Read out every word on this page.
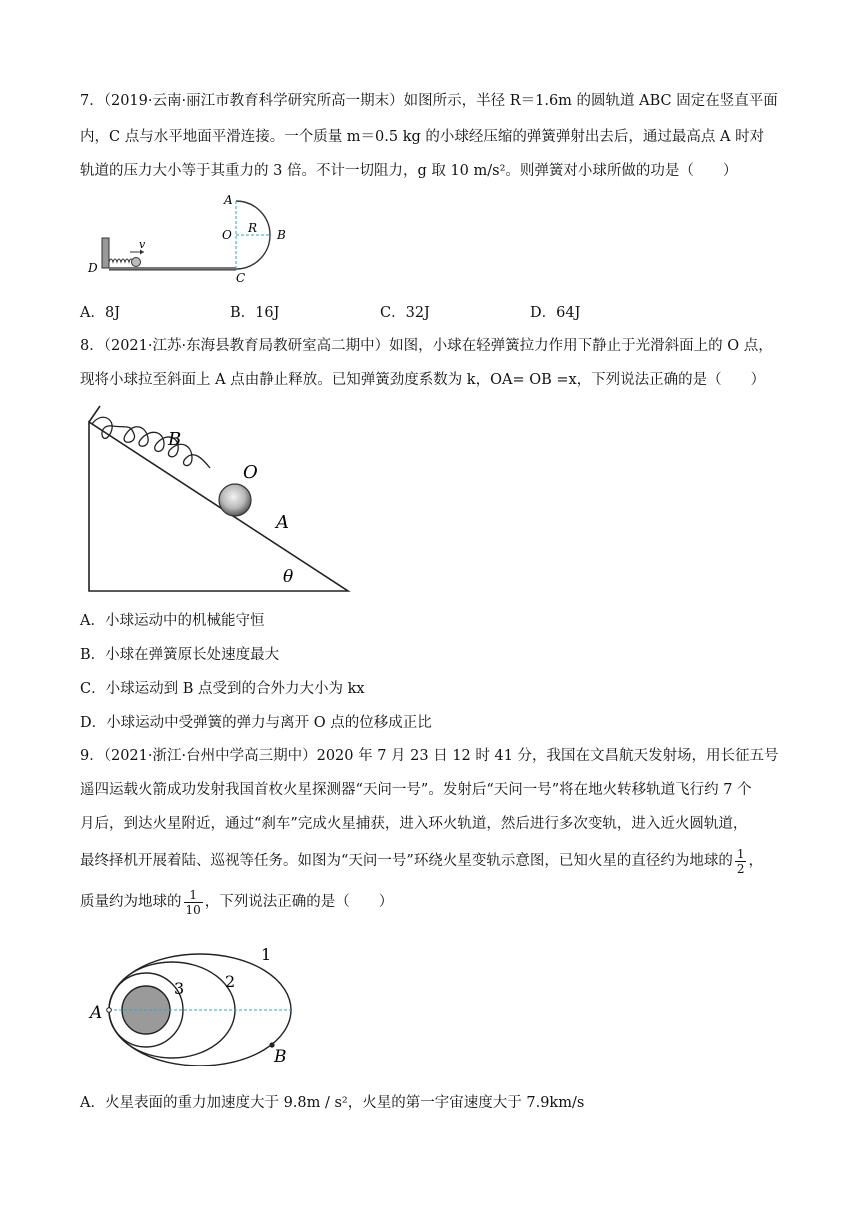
7．（2019·云南·丽江市教育科学研究所高一期末）如图所示，半径 R＝1.6m 的圆轨道 ABC 固定在竖直平面
内，C 点与水平地面平滑连接。一个质量 m＝0.5 kg 的小球经压缩的弹簧弹射出去后，通过最高点 A 时对
轨道的压力大小等于其重力的 3 倍。不计一切阻力，g 取 10 m/s²。则弹簧对小球所做的功是（　　）
v
A
O R B
C
D
A．8J	B．16J	C．32J	D．64J
8．（2021·江苏·东海县教育局教研室高二期中）如图，小球在轻弹簧拉力作用下静止于光滑斜面上的 O 点，
现将小球拉至斜面上 A 点由静止释放。已知弹簧劲度系数为 k，OA= OB =x，下列说法正确的是（　　）
B
O
A
θ
A．小球运动中的机械能守恒
B．小球在弹簧原长处速度最大
C．小球运动到 B 点受到的合外力大小为 kx
D．小球运动中受弹簧的弹力与离开 O 点的位移成正比
9．（2021·浙江·台州中学高三期中）2020 年 7 月 23 日 12 时 41 分，我国在文昌航天发射场，用长征五号
遥四运载火箭成功发射我国首枚火星探测器“天问一号”。发射后“天问一号”将在地火转移轨道飞行约 7 个
月后，到达火星附近，通过“刹车”完成火星捕获，进入环火轨道，然后进行多次变轨，进入近火圆轨道，
最终择机开展着陆、巡视等任务。如图为“天问一号”环绕火星变轨示意图，已知火星的直径约为地球的 $\frac{1}{2}$ ，
质量约为地球的 $\frac{1}{10}$ ，下列说法正确的是（　　）
1
2
3
A
B
A．火星表面的重力加速度大于 9.8m / s²，火星的第一宇宙速度大于 7.9km/s
